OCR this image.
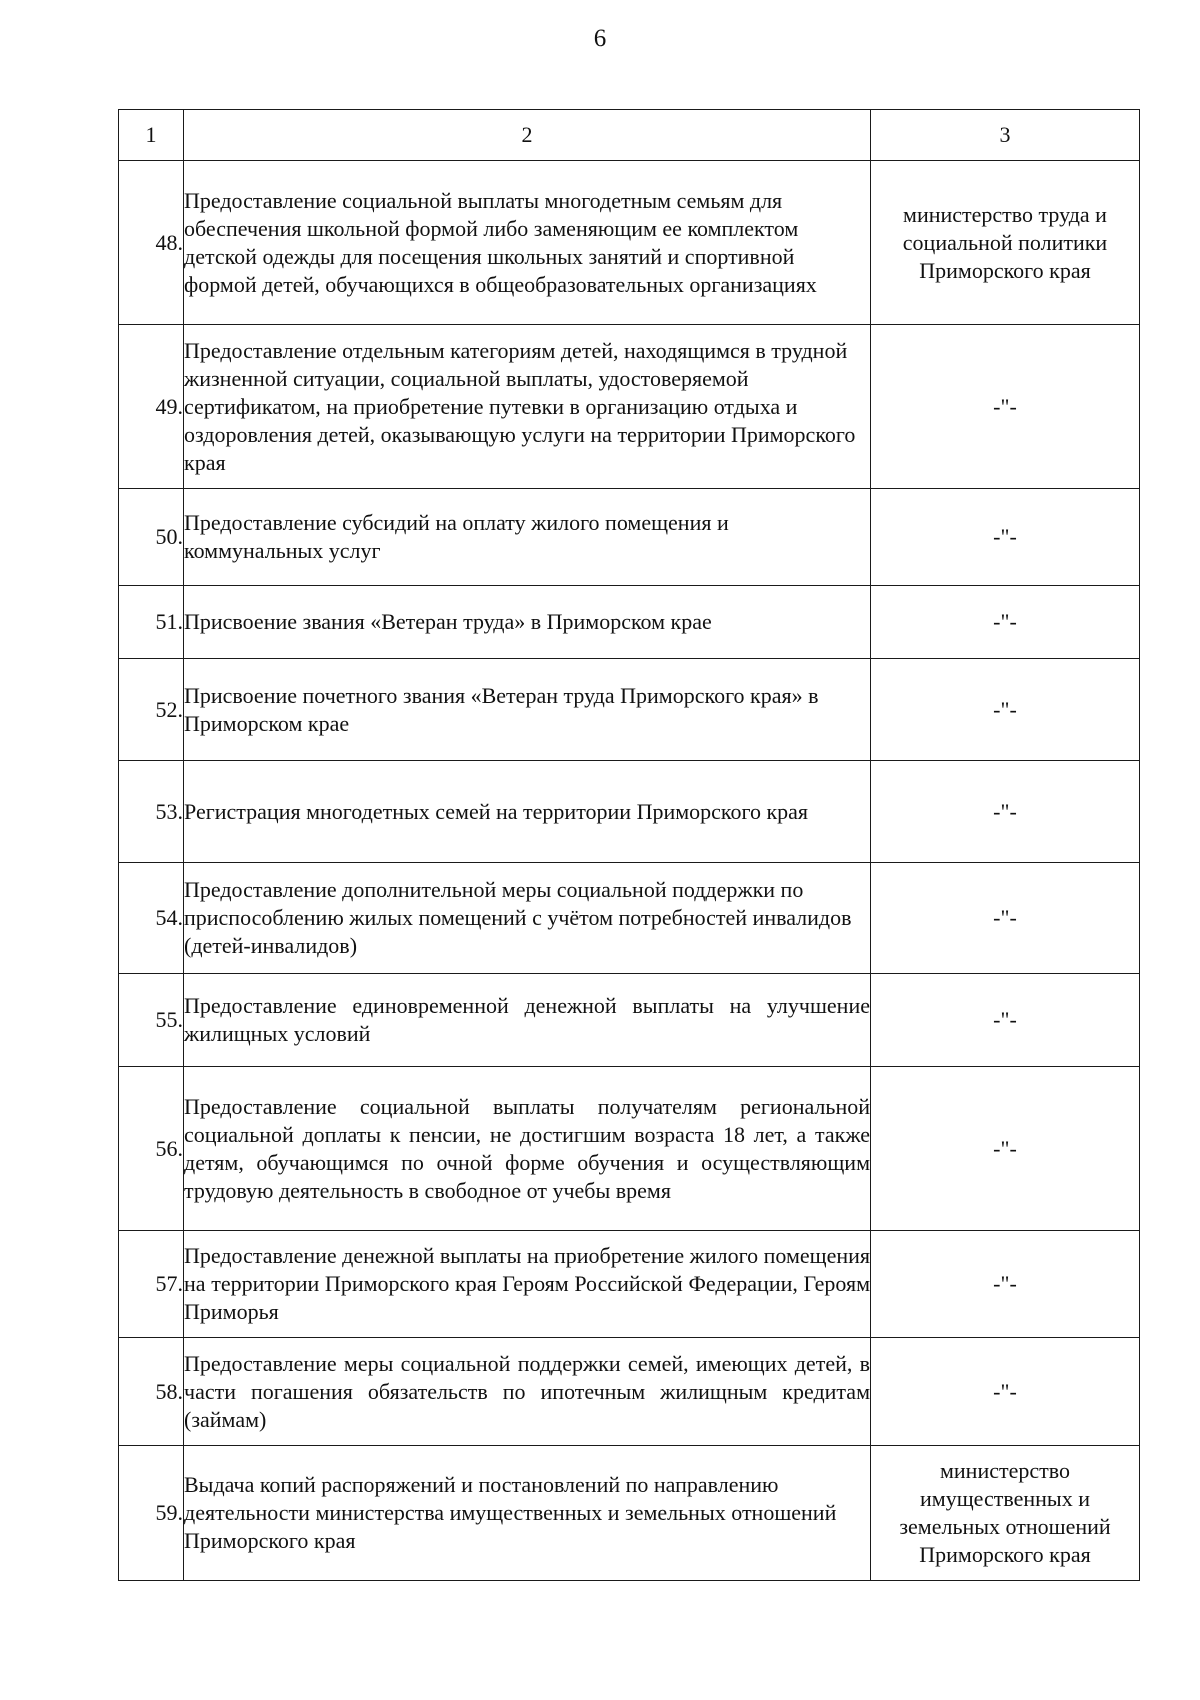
6
1	2	3
48.	Предоставление социальной выплаты многодетным семьям для обеспечения школьной формой либо заменяющим ее комплектом детской одежды для посещения школьных занятий и спортивной формой детей, обучающихся в общеобразовательных организациях	министерство труда и социальной политики Приморского края
49.	Предоставление отдельным категориям детей, находящимся в трудной жизненной ситуации, социальной выплаты, удостоверяемой сертификатом, на приобретение путевки в организацию отдыха и оздоровления детей, оказывающую услуги на территории Приморского края	-"-
50.	Предоставление субсидий на оплату жилого помещения и коммунальных услуг	-"-
51.	Присвоение звания «Ветеран труда» в Приморском крае	-"-
52.	Присвоение почетного звания «Ветеран труда Приморского края» в Приморском крае	-"-
53.	Регистрация многодетных семей на территории Приморского края	-"-
54.	Предоставление дополнительной меры социальной поддержки по приспособлению жилых помещений с учётом потребностей инвалидов (детей-инвалидов)	-"-
55.	Предоставление единовременной денежной выплаты на улучшение жилищных условий	-"-
56.	Предоставление социальной выплаты получателям региональной социальной доплаты к пенсии, не достигшим возраста 18 лет, а также детям, обучающимся по очной форме обучения и осуществляющим трудовую деятельность в свободное от учебы время	-"-
57.	Предоставление денежной выплаты на приобретение жилого помещения на территории Приморского края Героям Российской Федерации, Героям Приморья	-"-
58.	Предоставление меры социальной поддержки семей, имеющих детей, в части погашения обязательств по ипотечным жилищным кредитам (займам)	-"-
59.	Выдача копий распоряжений и постановлений по направлению деятельности министерства имущественных и земельных отношений Приморского края	министерство имущественных и земельных отношений Приморского края
